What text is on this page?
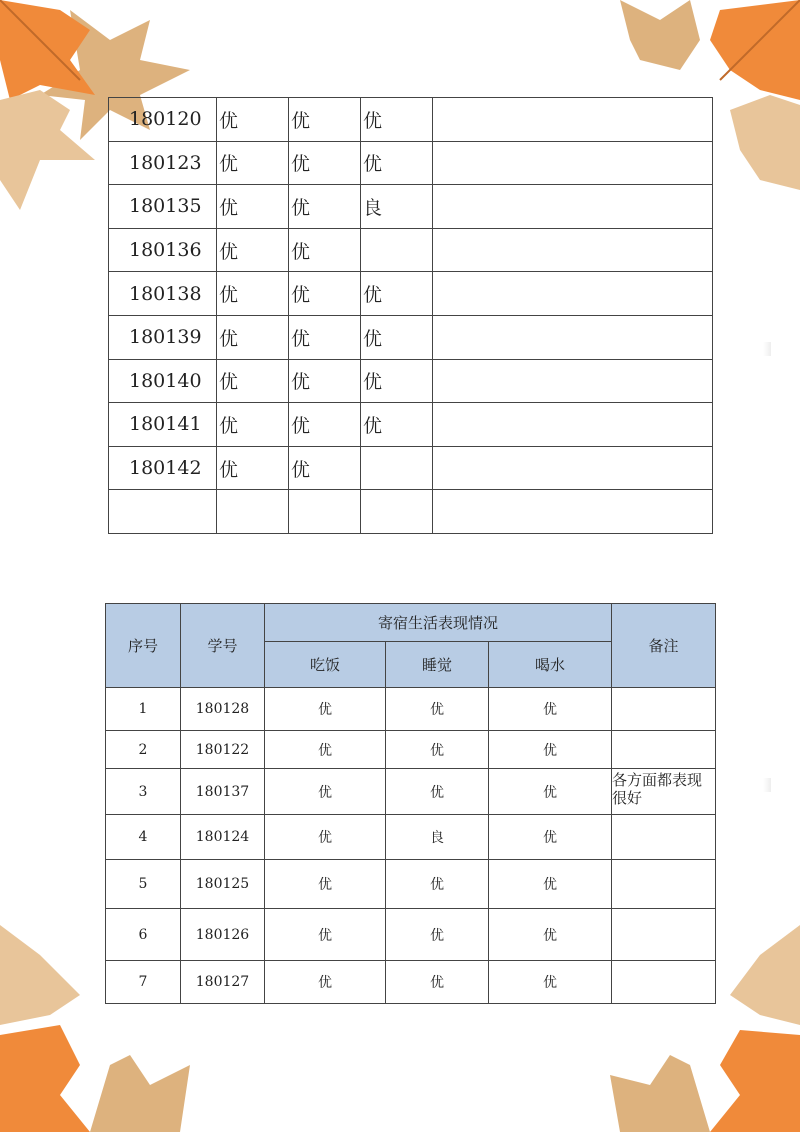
180120	优	优	优	
180123	优	优	优	
180135	优	优	良	
180136	优	优		
180138	优	优	优	
180139	优	优	优	
180140	优	优	优	
180141	优	优	优	
180142	优	优		

序号	学号	寄宿生活表现情况			备注
		吃饭	睡觉	喝水	
1	180128	优	优	优	
2	180122	优	优	优	
3	180137	优	优	优	各方面都表现很好
4	180124	优	良	优	
5	180125	优	优	优	
6	180126	优	优	优	
7	180127	优	优	优	
